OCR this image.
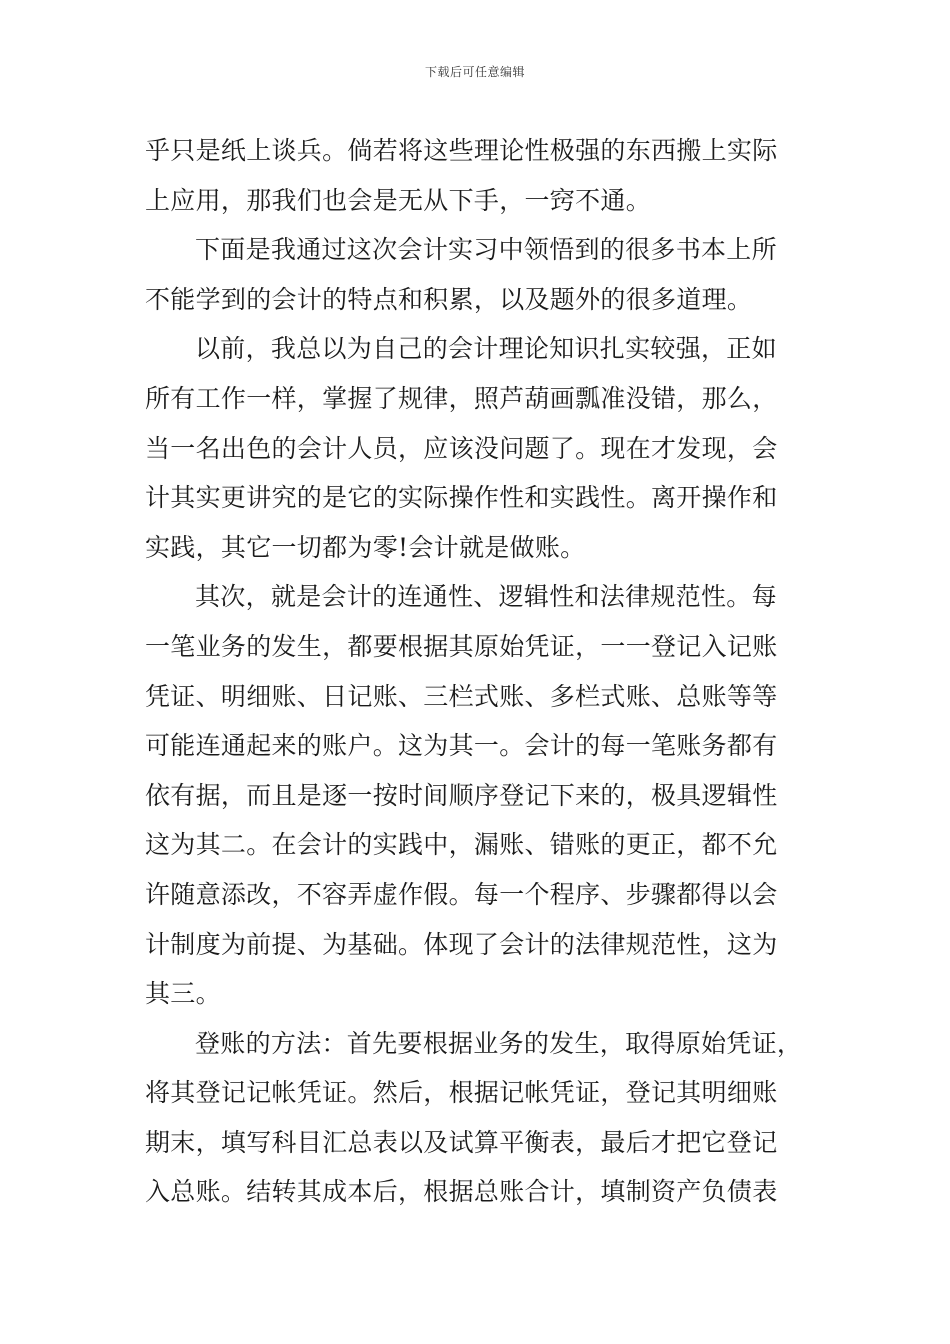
下载后可任意编辑
乎只是纸上谈兵。倘若将这些理论性极强的东西搬上实际
上应用，那我们也会是无从下手，一窍不通。
下面是我通过这次会计实习中领悟到的很多书本上所
不能学到的会计的特点和积累，以及题外的很多道理。
以前，我总以为自己的会计理论知识扎实较强，正如
所有工作一样，掌握了规律，照芦葫画瓢准没错，那么，
当一名出色的会计人员，应该没问题了。现在才发现，会
计其实更讲究的是它的实际操作性和实践性。离开操作和
实践，其它一切都为零!会计就是做账。
其次，就是会计的连通性、逻辑性和法律规范性。每
一笔业务的发生，都要根据其原始凭证，一一登记入记账
凭证、明细账、日记账、三栏式账、多栏式账、总账等等
可能连通起来的账户。这为其一。会计的每一笔账务都有
依有据，而且是逐一按时间顺序登记下来的，极具逻辑性
这为其二。在会计的实践中，漏账、错账的更正，都不允
许随意添改，不容弄虚作假。每一个程序、步骤都得以会
计制度为前提、为基础。体现了会计的法律规范性，这为
其三。
登账的方法：首先要根据业务的发生，取得原始凭证，
将其登记记帐凭证。然后，根据记帐凭证，登记其明细账
期末，填写科目汇总表以及试算平衡表，最后才把它登记
入总账。结转其成本后，根据总账合计，填制资产负债表
